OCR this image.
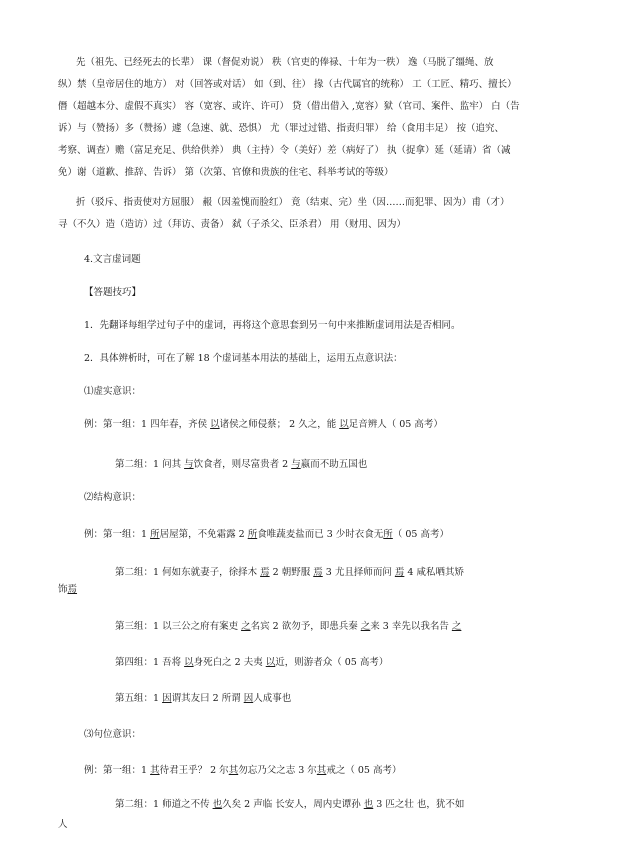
先（祖先、已经死去的长辈） 课（督促劝说） 秩（官吏的俸禄、十年为一秩） 逸（马脱了缰绳、放
纵）禁（皇帝居住的地方） 对（回答或对话） 如（到、往） 掾（古代属官的统称） 工（工匠、精巧、擅长）
僭（超越本分、虚假不真实） 容（宽容、或许、许可） 贷（借出借入 ,宽容）狱（官司、案件、监牢） 白（告
诉）与（赞扬）多（赞扬）遽（急速、就、恐惧） 尤（罪过过错、指责归罪） 给（食用丰足） 按（追究、
考察、调查）赡（富足充足、供给供养） 典（主持）令（美好）差（病好了） 执（捉拿）延（延请）省（减
免）谢（道歉、推辞、告诉） 第（次第、官僚和贵族的住宅、科举考试的等级）
折（驳斥、指责使对方屈服） 赧（因羞愧而脸红） 竟（结束、完）坐（因……而犯罪、因为）甫（才）
寻（不久）造（造访）过（拜访、责备） 弑（子杀父、臣杀君） 用（财用、因为）
4.文言虚词题
【答题技巧】
1．先翻译每组学过句子中的虚词，再将这个意思套到另一句中来推断虚词用法是否相同。
2．具体辨析时，可在了解 18 个虚词基本用法的基础上，运用五点意识法：
⑴虚实意识：
例：第一组：1 四年春，齐侯 以诸侯之师侵蔡； 2 久之，能 以足音辨人（ 05 高考）
第二组：1 问其 与饮食者，则尽富贵者 2 与嬴而不助五国也
⑵结构意识：
例：第一组：1 所居屋第，不免霜露 2 所食唯蔬麦盐而已 3 少时衣食无所（ 05 高考）
第二组：1 何如东就妻子，徐择木 焉 2 朝野服 焉 3 尤且择师而问 焉 4 咸私哂其矫
饰焉
第三组：1 以三公之府有案吏 之名宾 2 欲勿予，即患兵秦 之来 3 幸先以我名告 之
第四组：1 吾将 以身死白之 2 夫夷 以近，则游者众（ 05 高考）
第五组：1 因谓其友曰 2 所谓 因人成事也
⑶句位意识：
例：第一组：1 其待君王乎？ 2 尔其勿忘乃父之志 3 尔其戒之（ 05 高考）
第二组：1 师道之不传 也久矣 2 声临 长安人，周内史谭孙 也 3 匹之壮 也，犹不如
人
